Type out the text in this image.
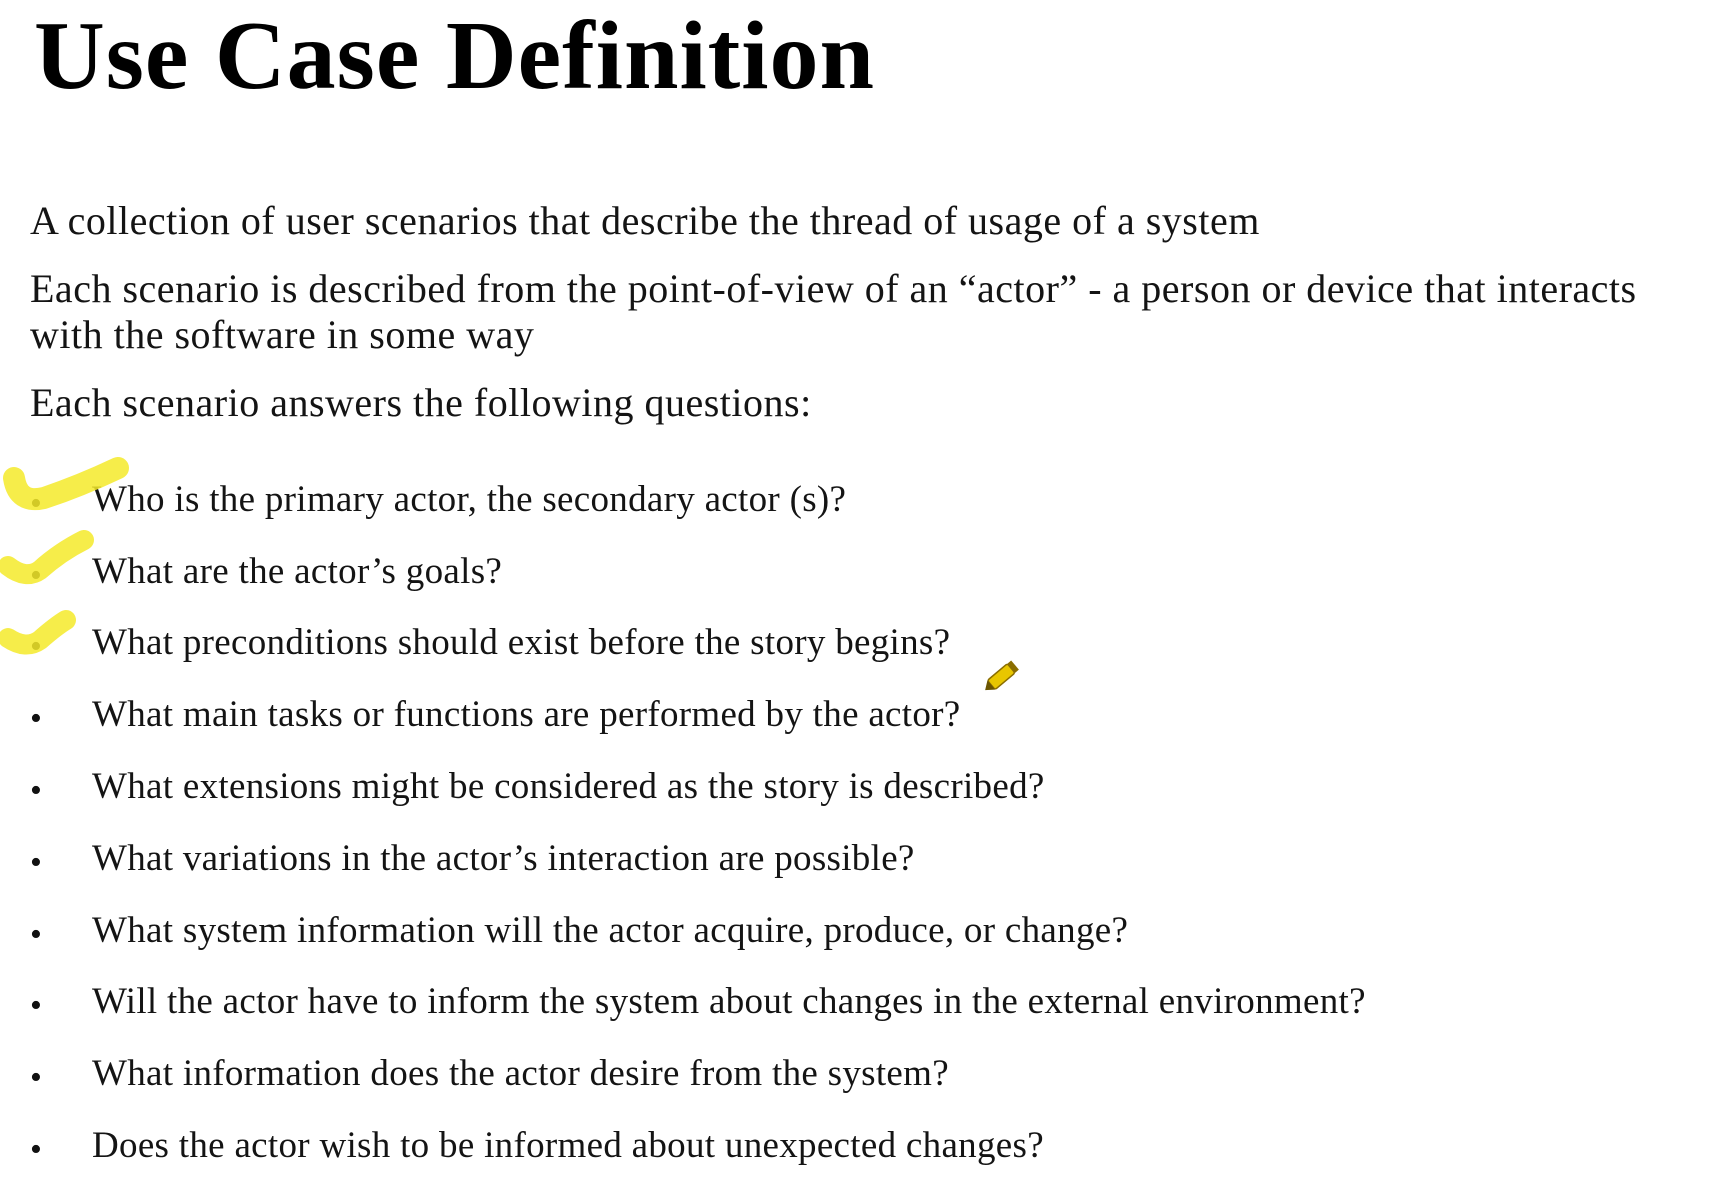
Use Case Definition
A collection of user scenarios that describe the thread of usage of a system
Each scenario is described from the point-of-view of an “actor” - a person or device that interacts with the software in some way
Each scenario answers the following questions:
• Who is the primary actor, the secondary actor (s)?
• What are the actor’s goals?
• What preconditions should exist before the story begins?
• What main tasks or functions are performed by the actor?
• What extensions might be considered as the story is described?
• What variations in the actor’s interaction are possible?
• What system information will the actor acquire, produce, or change?
• Will the actor have to inform the system about changes in the external environment?
• What information does the actor desire from the system?
• Does the actor wish to be informed about unexpected changes?
